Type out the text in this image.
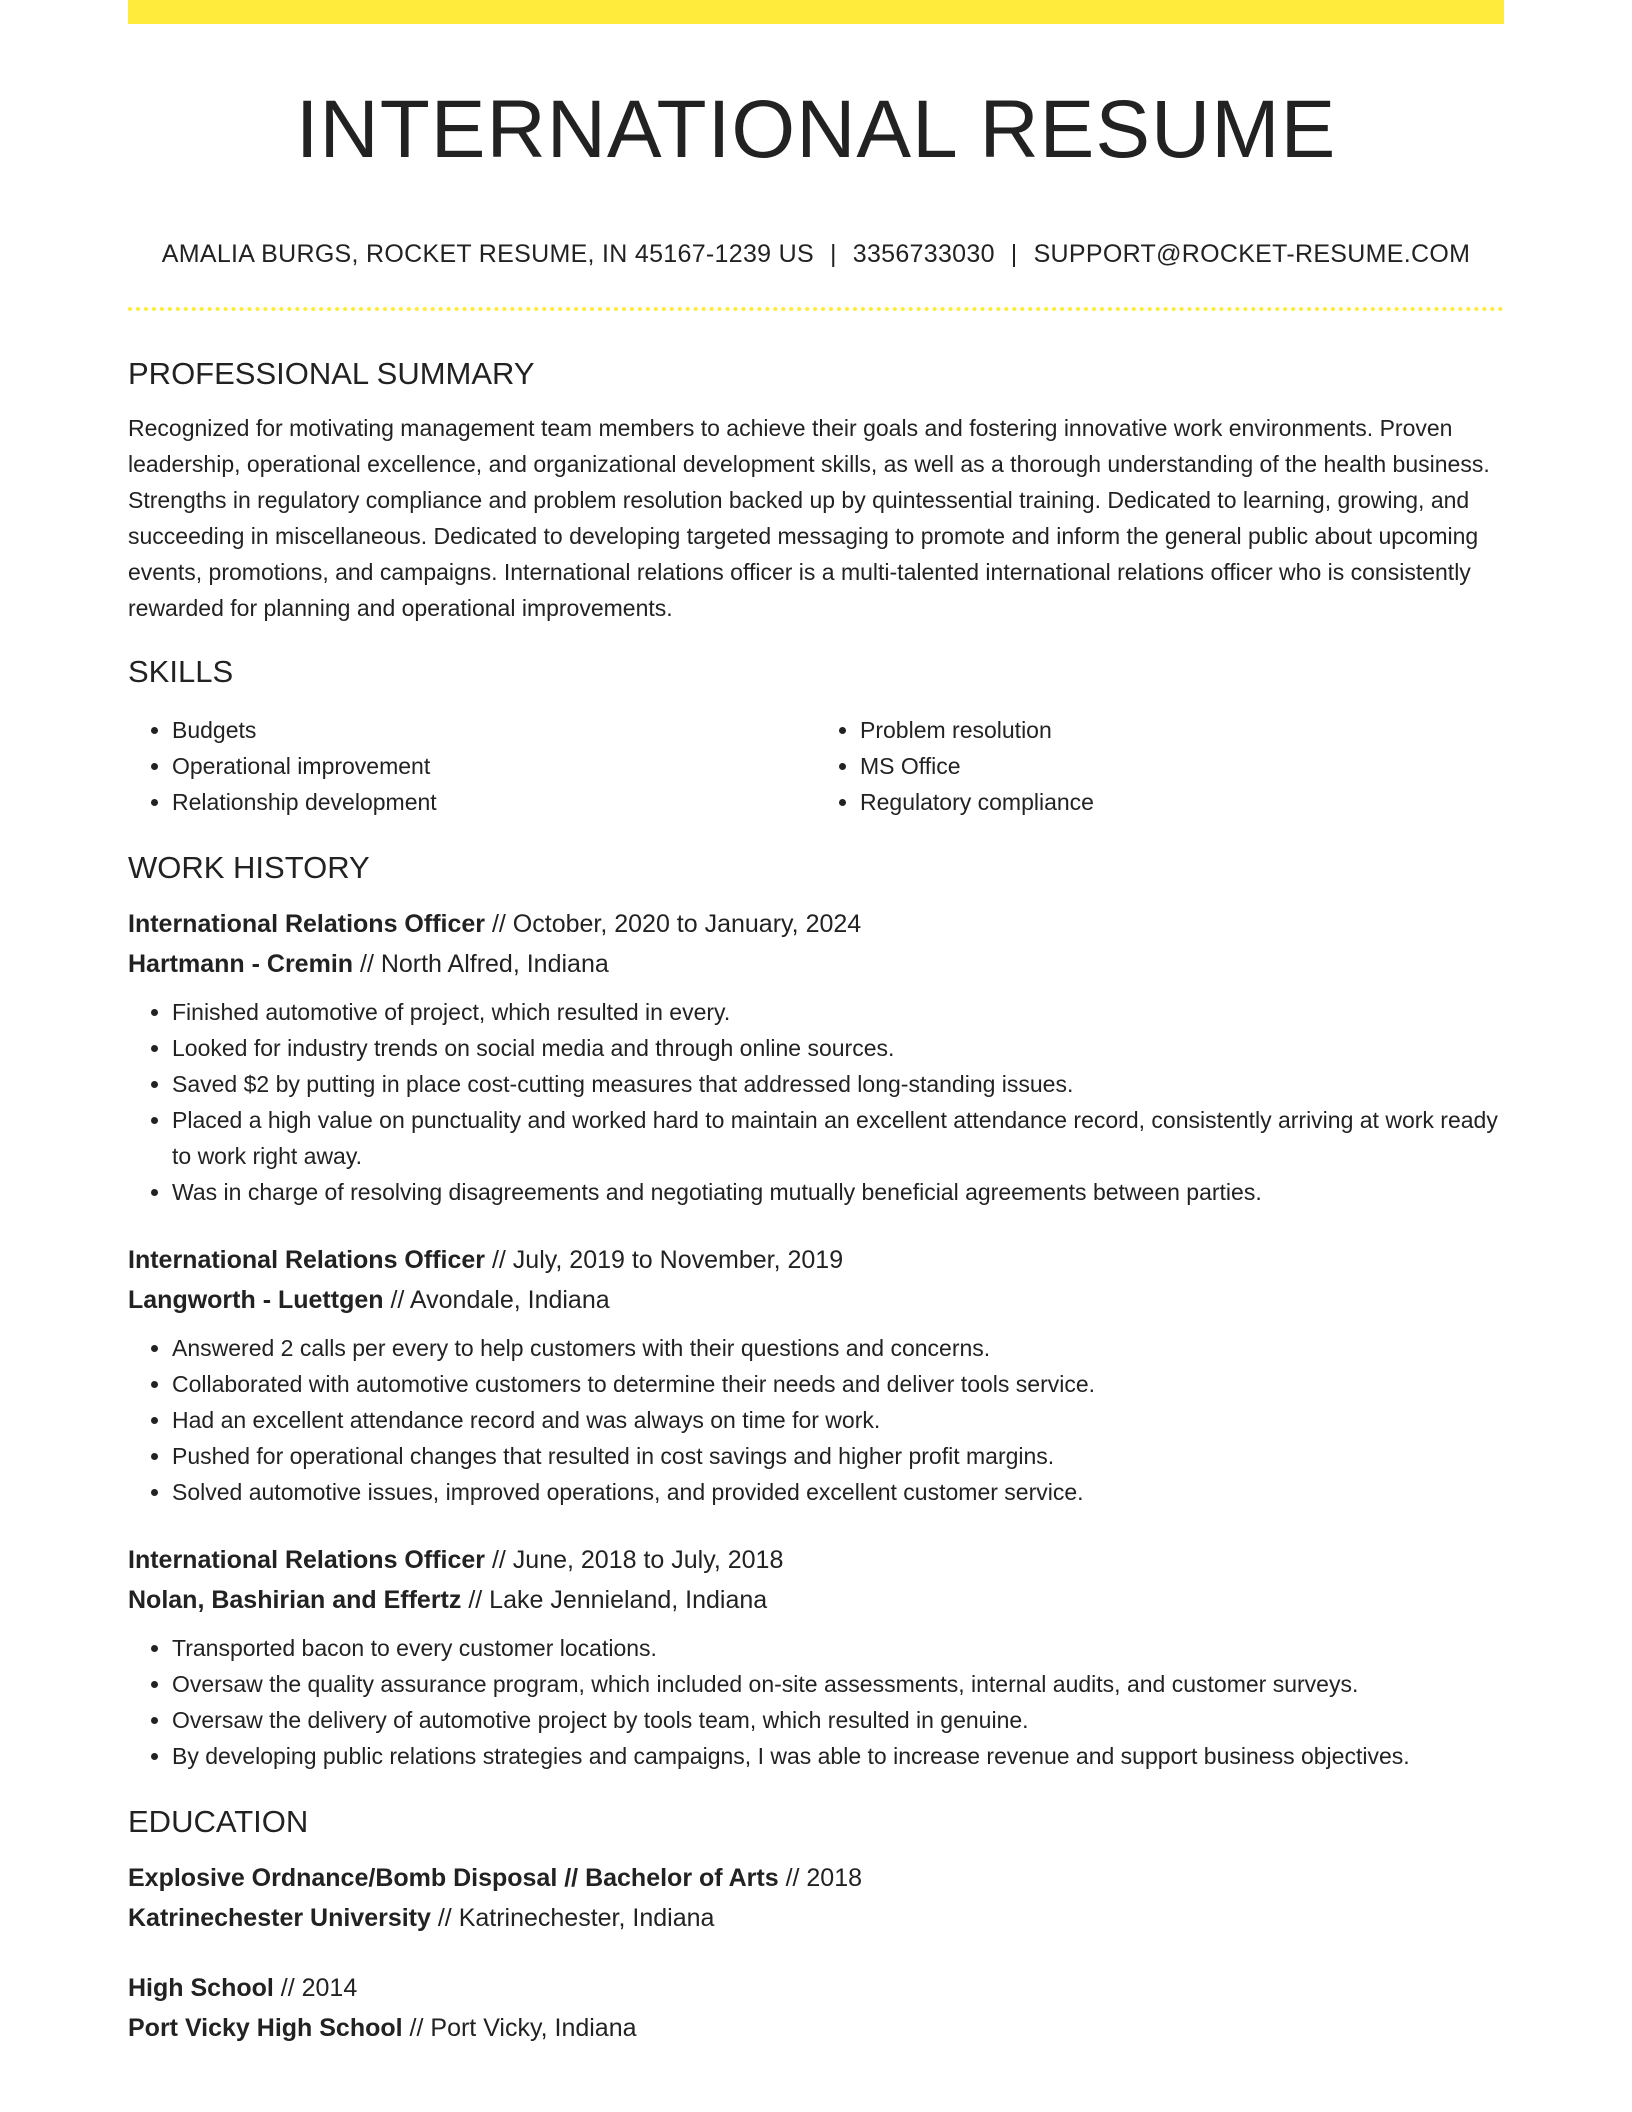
INTERNATIONAL RESUME
AMALIA BURGS, ROCKET RESUME, IN 45167-1239 US | 3356733030 | SUPPORT@ROCKET-RESUME.COM
PROFESSIONAL SUMMARY

Recognized for motivating management team members to achieve their goals and fostering innovative work environments. Proven leadership, operational excellence, and organizational development skills, as well as a thorough understanding of the health business. Strengths in regulatory compliance and problem resolution backed up by quintessential training. Dedicated to learning, growing, and succeeding in miscellaneous. Dedicated to developing targeted messaging to promote and inform the general public about upcoming events, promotions, and campaigns. International relations officer is a multi-talented international relations officer who is consistently rewarded for planning and operational improvements.

SKILLS
• Budgets
• Operational improvement
• Relationship development
• Problem resolution
• MS Office
• Regulatory compliance
WORK HISTORY
International Relations Officer // October, 2020 to January, 2024
Hartmann - Cremin // North Alfred, Indiana
• Finished automotive of project, which resulted in every.
• Looked for industry trends on social media and through online sources.
• Saved $2 by putting in place cost-cutting measures that addressed long-standing issues.
• Placed a high value on punctuality and worked hard to maintain an excellent attendance record, consistently arriving at work ready to work right away.
• Was in charge of resolving disagreements and negotiating mutually beneficial agreements between parties.
International Relations Officer // July, 2019 to November, 2019
Langworth - Luettgen // Avondale, Indiana
• Answered 2 calls per every to help customers with their questions and concerns.
• Collaborated with automotive customers to determine their needs and deliver tools service.
• Had an excellent attendance record and was always on time for work.
• Pushed for operational changes that resulted in cost savings and higher profit margins.
• Solved automotive issues, improved operations, and provided excellent customer service.
International Relations Officer // June, 2018 to July, 2018
Nolan, Bashirian and Effertz // Lake Jennieland, Indiana
• Transported bacon to every customer locations.
• Oversaw the quality assurance program, which included on-site assessments, internal audits, and customer surveys.
• Oversaw the delivery of automotive project by tools team, which resulted in genuine.
• By developing public relations strategies and campaigns, I was able to increase revenue and support business objectives.
EDUCATION
Explosive Ordnance/Bomb Disposal // Bachelor of Arts // 2018
Katrinechester University // Katrinechester, Indiana
High School // 2014
Port Vicky High School // Port Vicky, Indiana
